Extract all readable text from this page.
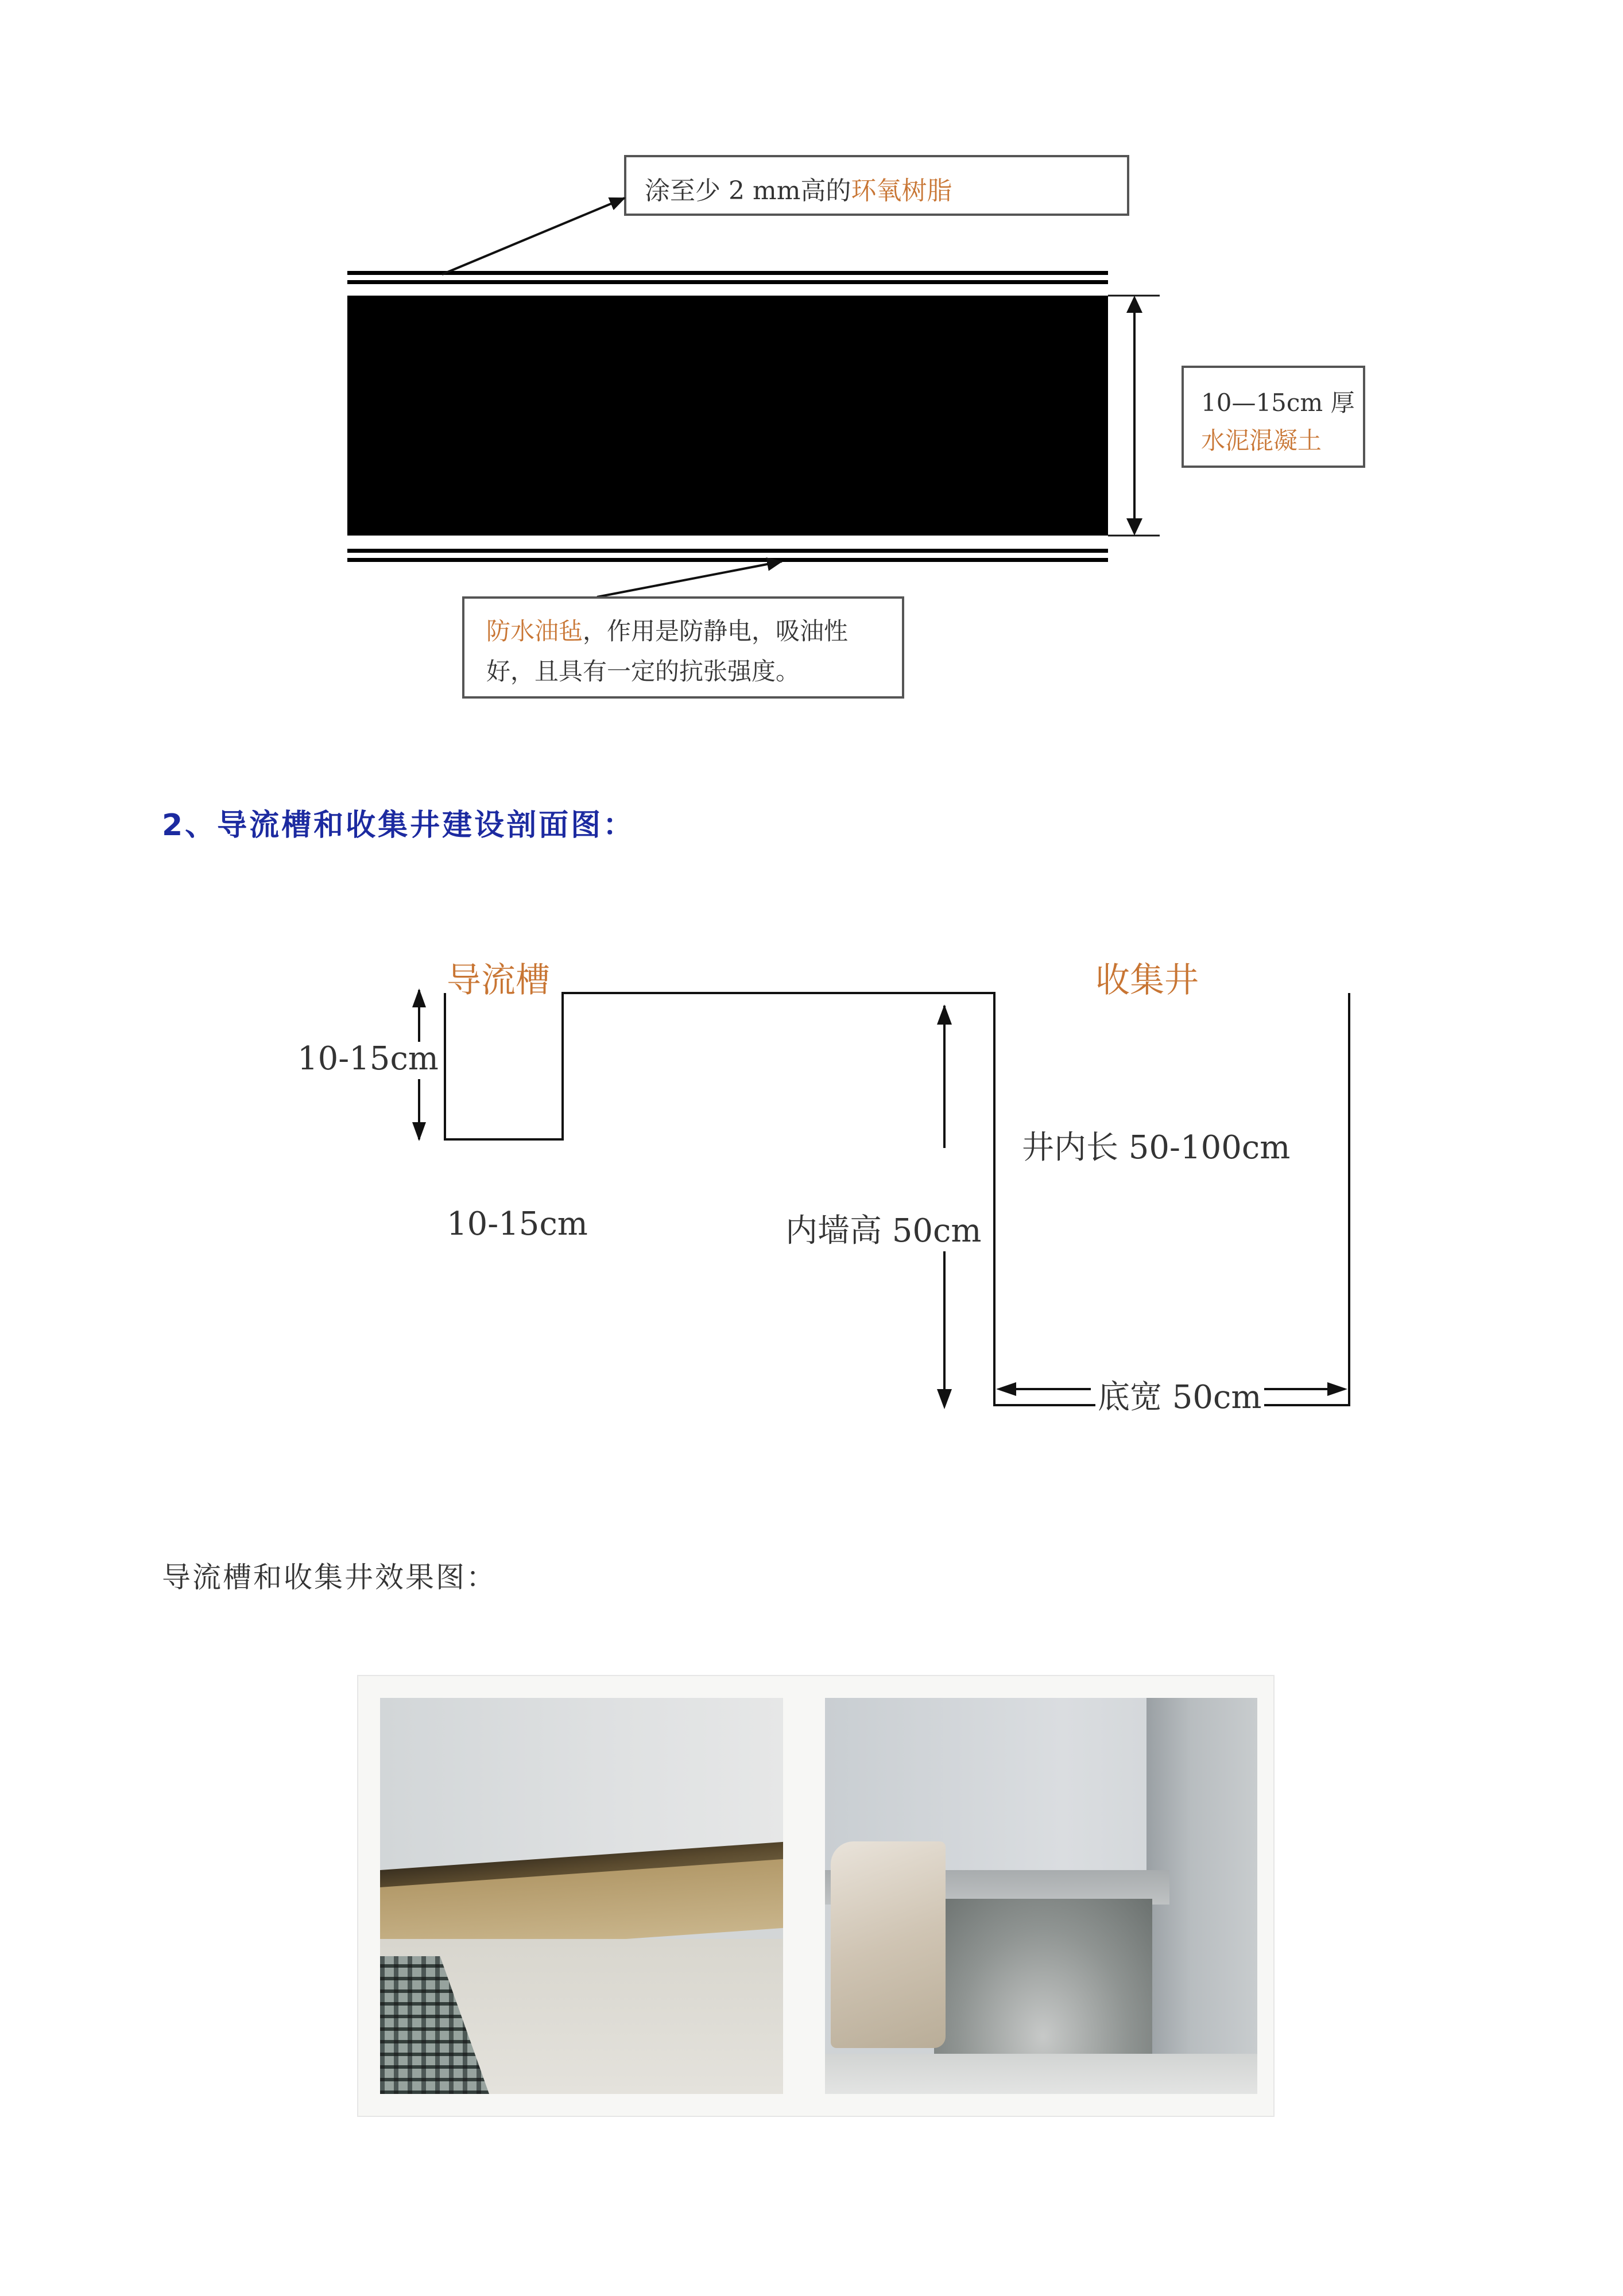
涂至少 2 mm高的环氧树脂
10—15cm 厚
水泥混凝土
防水油毡，作用是防静电，吸油性
好，且具有一定的抗张强度。
2、导流槽和收集井建设剖面图：
导流槽	收集井
10-15cm
10-15cm	内墙高 50cm
井内长 50-100cm
底宽 50cm
导流槽和收集井效果图：
